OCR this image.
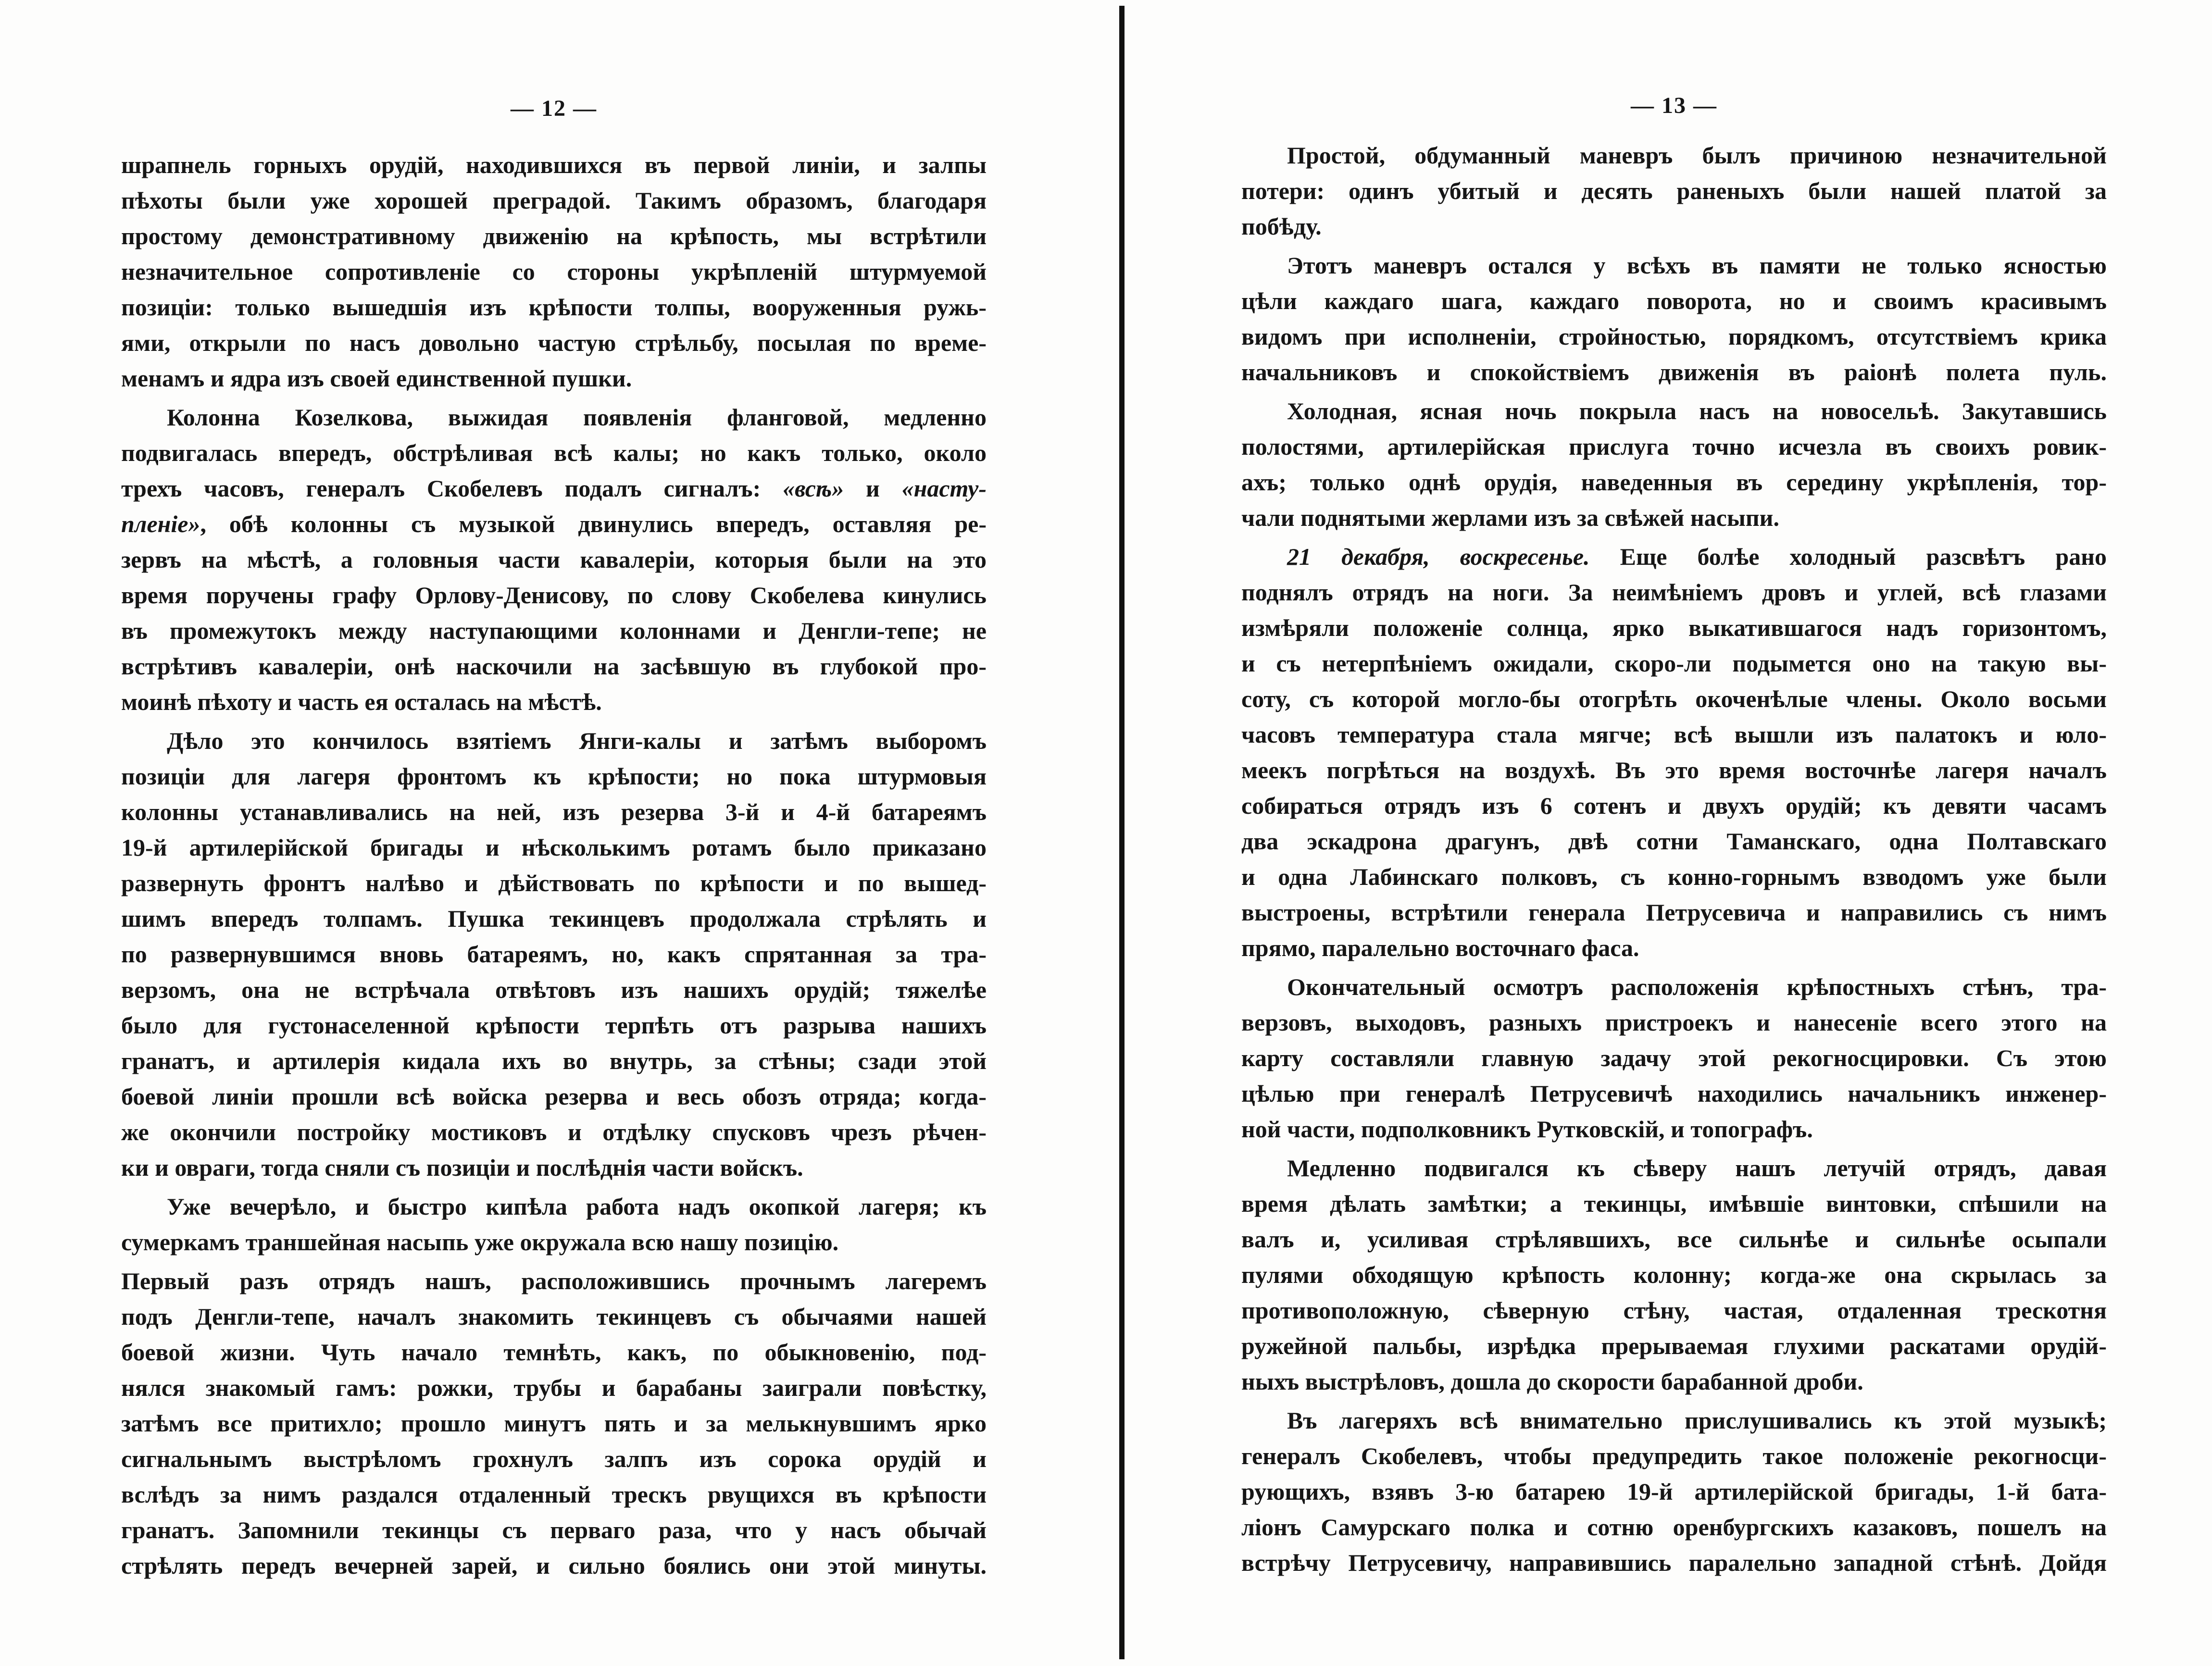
— 12 —	— 13 —
шрапнель горныхъ орудій, находившихся въ первой линіи, и залпы
пѣхоты были уже хорошей преградой. Такимъ образомъ, благодаря
простому демонстративному движенію на крѣпость, мы встрѣтили
незначительное сопротивленіе со стороны укрѣпленій штурмуемой
позиціи: только вышедшія изъ крѣпости толпы, вооруженныя ружь-
ями, открыли по насъ довольно частую стрѣльбу, посылая по време-
менамъ и ядра изъ своей единственной пушки.
Колонна Козелкова, выжидая появленія фланговой, медленно
подвигалась впередъ, обстрѣливая всѣ калы; но какъ только, около
трехъ часовъ, генералъ Скобелевъ подалъ сигналъ: «всѣ» и «насту-
пленіе», обѣ колонны съ музыкой двинулись впередъ, оставляя ре-
зервъ на мѣстѣ, а головныя части кавалеріи, которыя были на это
время поручены графу Орлову-Денисову, по слову Скобелева кинулись
въ промежутокъ между наступающими колоннами и Денгли-тепе; не
встрѣтивъ кавалеріи, онѣ наскочили на засѣвшую въ глубокой про-
моинѣ пѣхоту и часть ея осталась на мѣстѣ.
Дѣло это кончилось взятіемъ Янги-калы и затѣмъ выборомъ
позиціи для лагеря фронтомъ къ крѣпости; но пока штурмовыя
колонны устанавливались на ней, изъ резерва 3-й и 4-й батареямъ
19-й артилерійской бригады и нѣсколькимъ ротамъ было приказано
развернуть фронтъ налѣво и дѣйствовать по крѣпости и по вышед-
шимъ впередъ толпамъ. Пушка текинцевъ продолжала стрѣлять и
по развернувшимся вновь батареямъ, но, какъ спрятанная за тра-
верзомъ, она не встрѣчала отвѣтовъ изъ нашихъ орудій; тяжелѣе
было для густонаселенной крѣпости терпѣть отъ разрыва нашихъ
гранатъ, и артилерія кидала ихъ во внутрь, за стѣны; сзади этой
боевой линіи прошли всѣ войска резерва и весь обозъ отряда; когда-
же окончили постройку мостиковъ и отдѣлку спусковъ чрезъ рѣчен-
ки и овраги, тогда сняли съ позиціи и послѣднія части войскъ.
Уже вечерѣло, и быстро кипѣла работа надъ окопкой лагеря; къ
сумеркамъ траншейная насыпь уже окружала всю нашу позицію.
Первый разъ отрядъ нашъ, расположившись прочнымъ лагеремъ
подъ Денгли-тепе, началъ знакомить текинцевъ съ обычаями нашей
боевой жизни. Чуть начало темнѣть, какъ, по обыкновенію, под-
нялся знакомый гамъ: рожки, трубы и барабаны заиграли повѣстку,
затѣмъ все притихло; прошло минутъ пять и за мелькнувшимъ ярко
сигнальнымъ выстрѣломъ грохнулъ залпъ изъ сорока орудій и
вслѣдъ за нимъ раздался отдаленный трескъ рвущихся въ крѣпости
гранатъ. Запомнили текинцы съ перваго раза, что у насъ обычай
стрѣлять передъ вечерней зарей, и сильно боялись они этой минуты.
Простой, обдуманный маневръ былъ причиною незначительной
потери: одинъ убитый и десять раненыхъ были нашей платой за
побѣду.
Этотъ маневръ остался у всѣхъ въ памяти не только ясностью
цѣли каждаго шага, каждаго поворота, но и своимъ красивымъ
видомъ при исполненіи, стройностью, порядкомъ, отсутствіемъ крика
начальниковъ и спокойствіемъ движенія въ раіонѣ полета пуль.
Холодная, ясная ночь покрыла насъ на новосельѣ. Закутавшись
полостями, артилерійская прислуга точно исчезла въ своихъ ровик-
ахъ; только однѣ орудія, наведенныя въ середину укрѣпленія, тор-
чали поднятыми жерлами изъ за свѣжей насыпи.
21 декабря, воскресенье. Еще болѣе холодный разсвѣтъ рано
поднялъ отрядъ на ноги. За неимѣніемъ дровъ и углей, всѣ глазами
измѣряли положеніе солнца, ярко выкатившагося надъ горизонтомъ,
и съ нетерпѣніемъ ожидали, скоро-ли подымется оно на такую вы-
соту, съ которой могло-бы отогрѣть окоченѣлые члены. Около восьми
часовъ температура стала мягче; всѣ вышли изъ палатокъ и юло-
меекъ погрѣться на воздухѣ. Въ это время восточнѣе лагеря началъ
собираться отрядъ изъ 6 сотенъ и двухъ орудій; къ девяти часамъ
два эскадрона драгунъ, двѣ сотни Таманскаго, одна Полтавскаго
и одна Лабинскаго полковъ, съ конно-горнымъ взводомъ уже были
выстроены, встрѣтили генерала Петрусевича и направились съ нимъ
прямо, паралельно восточнаго фаса.
Окончательный осмотръ расположенія крѣпостныхъ стѣнъ, тра-
верзовъ, выходовъ, разныхъ пристроекъ и нанесеніе всего этого на
карту составляли главную задачу этой рекогносцировки. Съ этою
цѣлью при генералѣ Петрусевичѣ находились начальникъ инженер-
ной части, подполковникъ Рутковскій, и топографъ.
Медленно подвигался къ сѣверу нашъ летучій отрядъ, давая
время дѣлать замѣтки; а текинцы, имѣвшіе винтовки, спѣшили на
валъ и, усиливая стрѣлявшихъ, все сильнѣе и сильнѣе осыпали
пулями обходящую крѣпость колонну; когда-же она скрылась за
противоположную, сѣверную стѣну, частая, отдаленная трескотня
ружейной пальбы, изрѣдка прерываемая глухими раскатами орудій-
ныхъ выстрѣловъ, дошла до скорости барабанной дроби.
Въ лагеряхъ всѣ внимательно прислушивались къ этой музыкѣ;
генералъ Скобелевъ, чтобы предупредить такое положеніе рекогносци-
рующихъ, взявъ 3-ю батарею 19-й артилерійской бригады, 1-й бата-
ліонъ Самурскаго полка и сотню оренбургскихъ казаковъ, пошелъ на
встрѣчу Петрусевичу, направившись паралельно западной стѣнѣ. Дойдя
